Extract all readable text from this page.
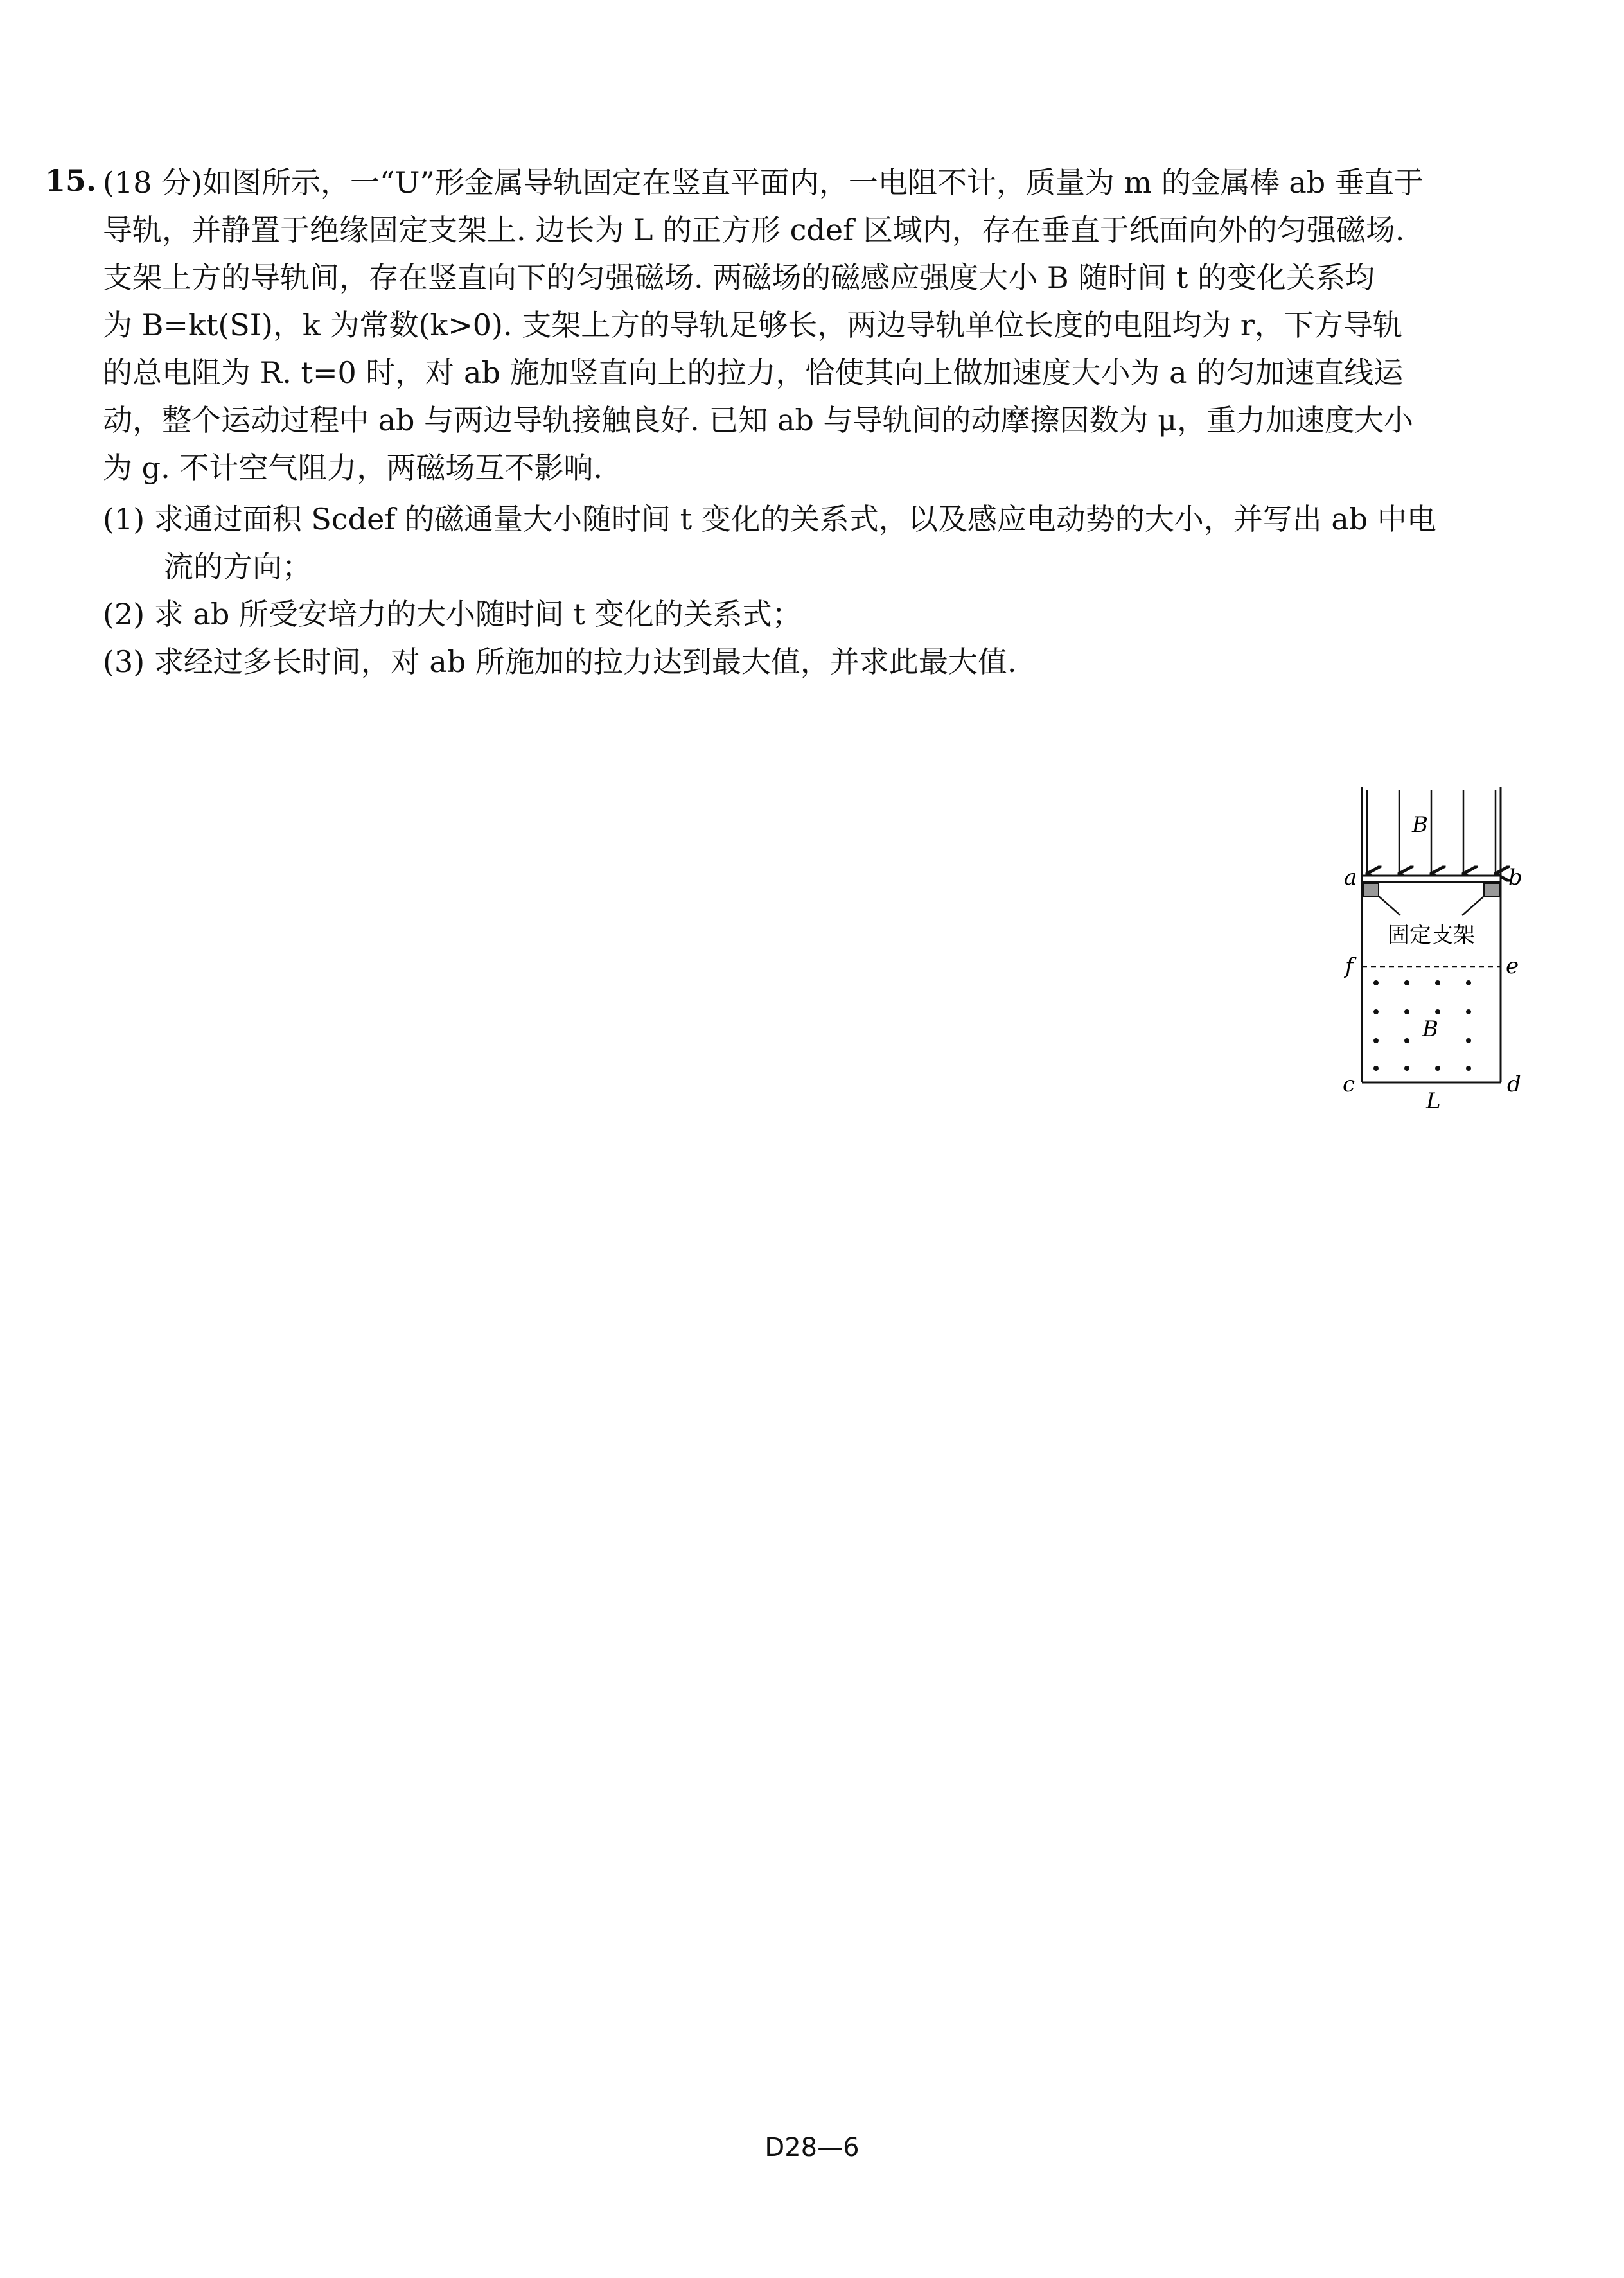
15. (18 分)如图所示，一“U”形金属导轨固定在竖直平面内，一电阻不计，质量为 m 的金属棒 ab 垂直于
导轨，并静置于绝缘固定支架上. 边长为 L 的正方形 cdef 区域内，存在垂直于纸面向外的匀强磁场.
支架上方的导轨间，存在竖直向下的匀强磁场. 两磁场的磁感应强度大小 B 随时间 t 的变化关系均
为 B=kt(SI)，k 为常数(k>0). 支架上方的导轨足够长，两边导轨单位长度的电阻均为 r，下方导轨
的总电阻为 R. t=0 时，对 ab 施加竖直向上的拉力，恰使其向上做加速度大小为 a 的匀加速直线运
动，整个运动过程中 ab 与两边导轨接触良好. 已知 ab 与导轨间的动摩擦因数为 μ，重力加速度大小
为 g. 不计空气阻力，两磁场互不影响.
(1) 求通过面积 Scdef 的磁通量大小随时间 t 变化的关系式，以及感应电动势的大小，并写出 ab 中电
流的方向；
(2) 求 ab 所受安培力的大小随时间 t 变化的关系式；
(3) 求经过多长时间，对 ab 所施加的拉力达到最大值，并求此最大值.
B
固定支架
B
a	b
f	e
c	d
L
D28—6
